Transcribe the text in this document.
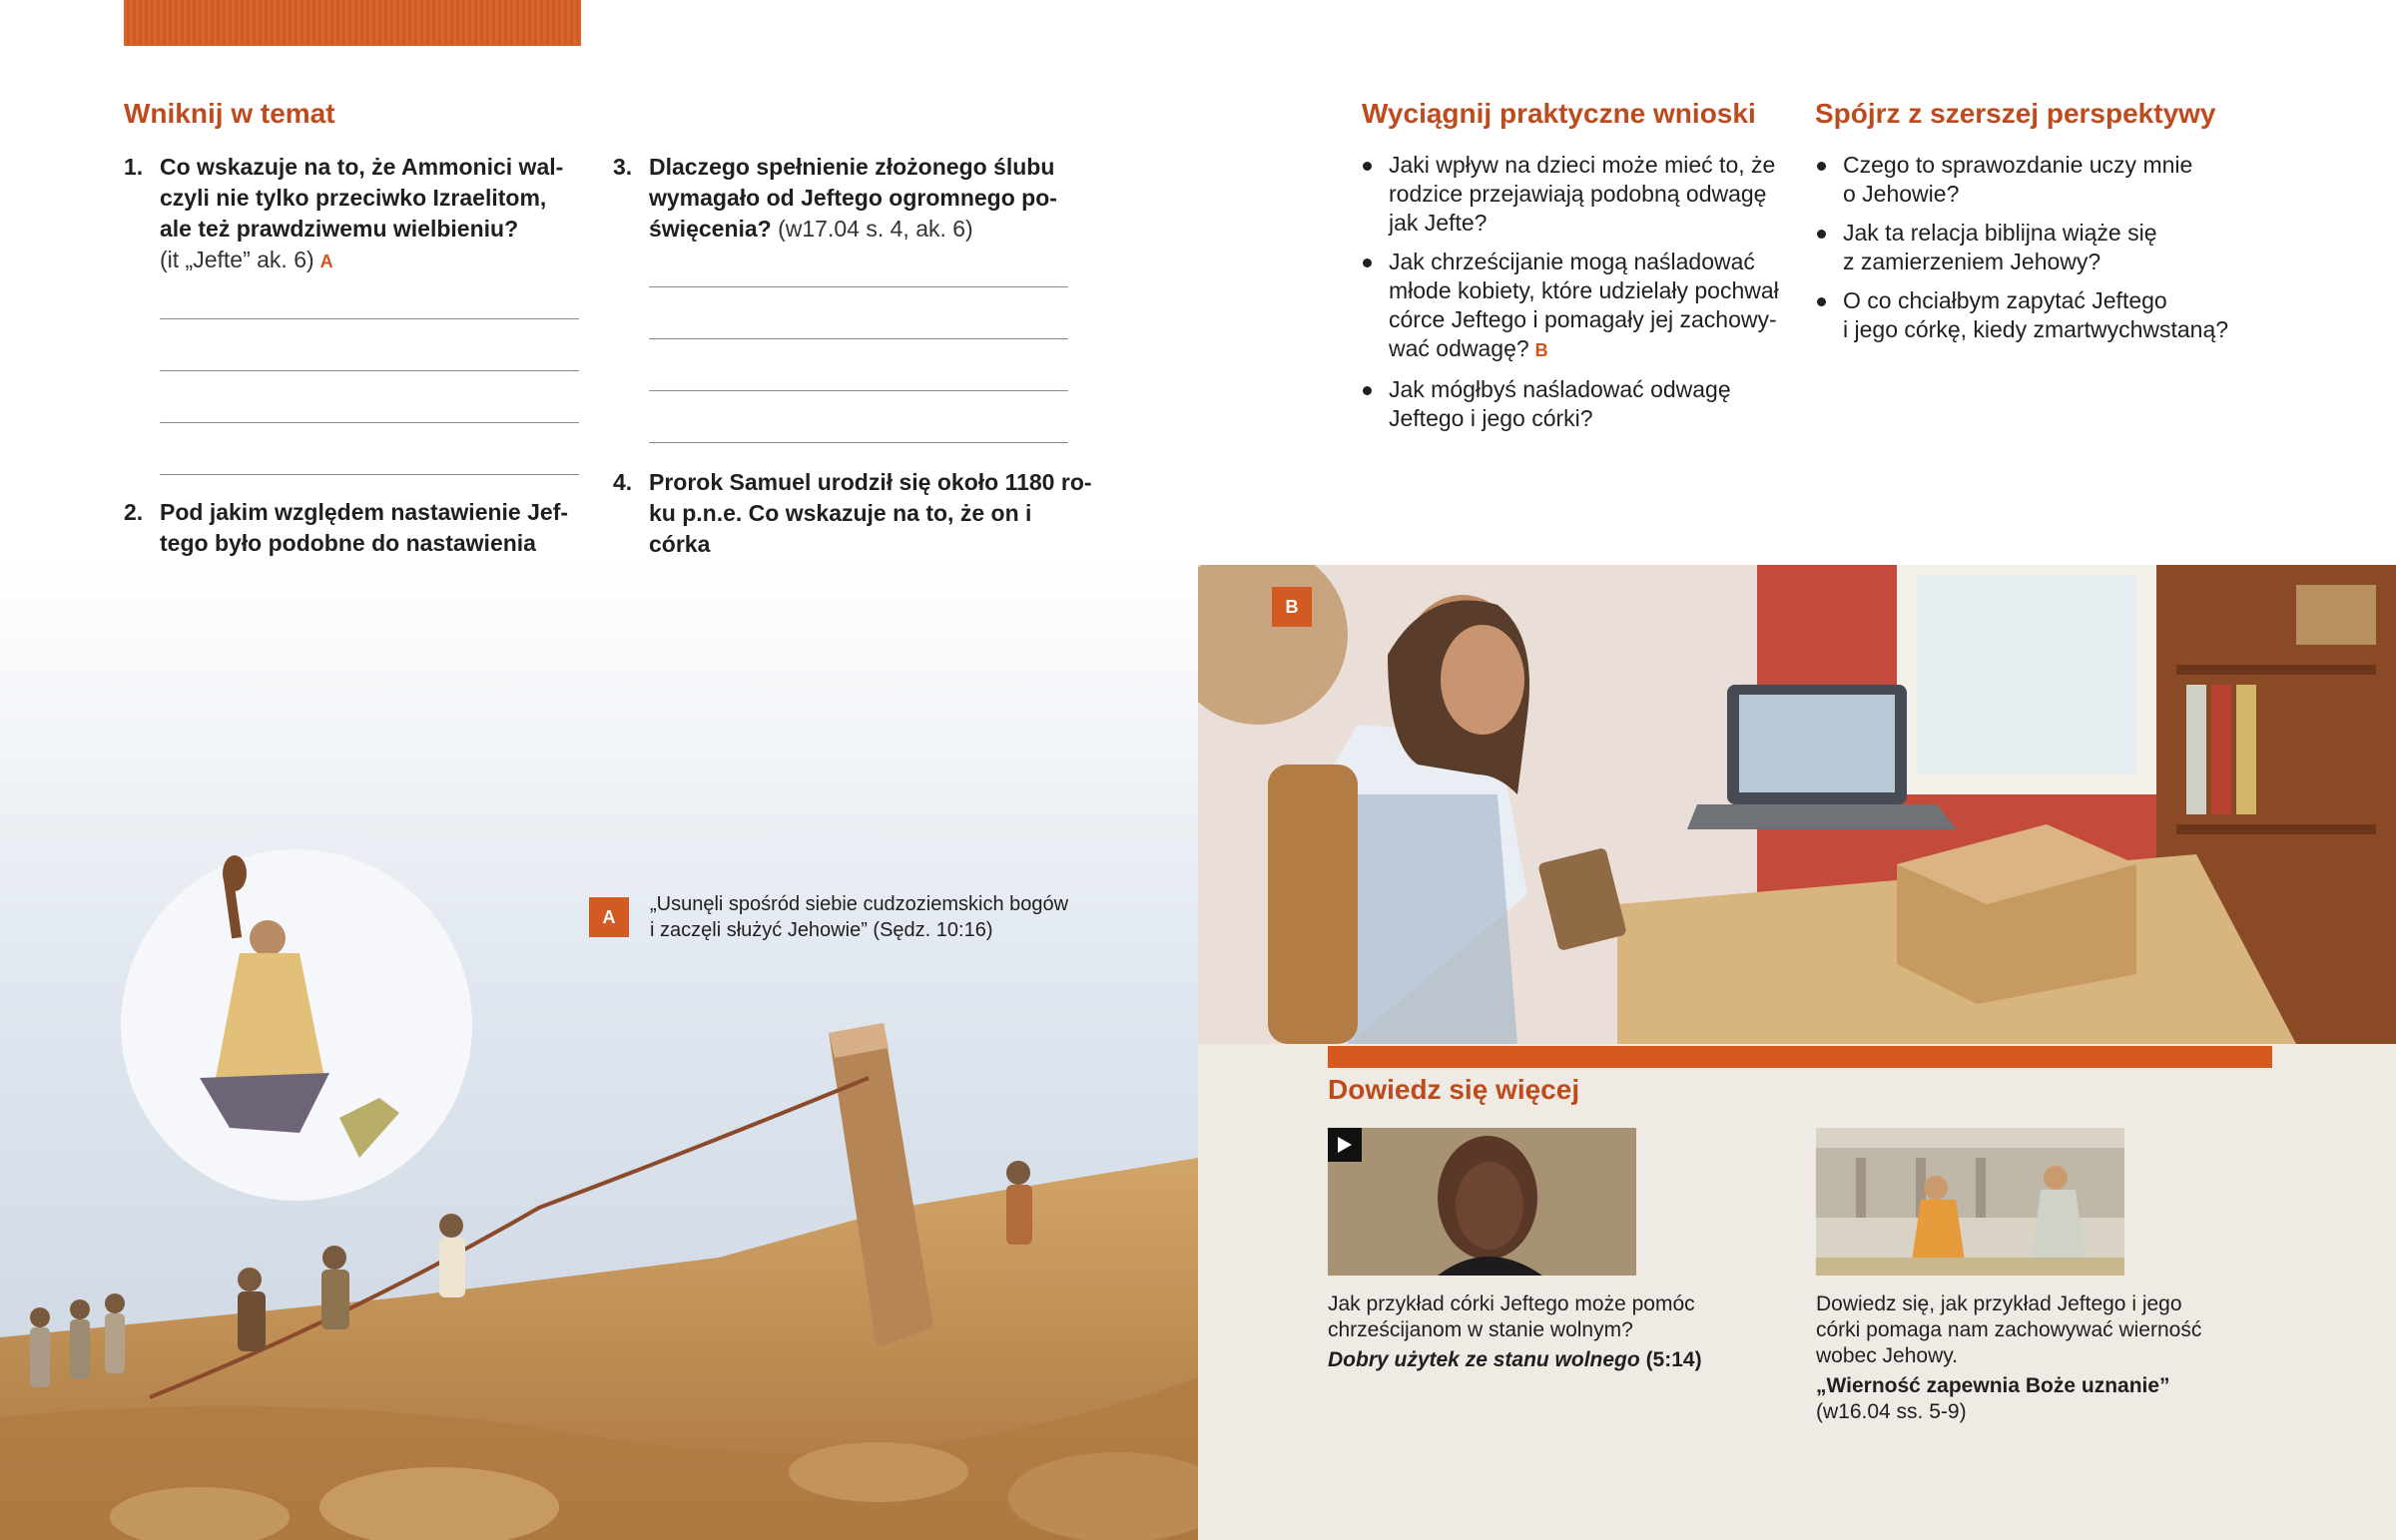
Wniknij w temat
1. Co wskazuje na to, że Ammonici wal-
czyli nie tylko przeciwko Izraelitom,
ale też prawdziwemu wielbieniu?
(it „Jefte” ak. 6) A
2. Pod jakim względem nastawienie Jef-
tego było podobne do nastawienia
3. Dlaczego spełnienie złożonego ślubu
wymagało od Jeftego ogromnego po-
święcenia? (w17.04 s. 4, ak. 6)
4. Prorok Samuel urodził się około 1180 ro-
ku p.n.e. Co wskazuje na to, że on i córka
A
„Usunęli spośród siebie cudzoziemskich bogów
i zaczęli służyć Jehowie” (Sędz. 10:16)
Wyciągnij praktyczne wnioski
Jaki wpływ na dzieci może mieć to, że
rodzice przejawiają podobną odwagę
jak Jefte?
Jak chrześcijanie mogą naśladować
młode kobiety, które udzielały pochwał
córce Jeftego i pomagały jej zachowy-
wać odwagę? B
Jak mógłbyś naśladować odwagę
Jeftego i jego córki?
Spójrz z szerszej perspektywy
Czego to sprawozdanie uczy mnie
o Jehowie?
Jak ta relacja biblijna wiąże się
z zamierzeniem Jehowy?
O co chciałbym zapytać Jeftego
i jego córkę, kiedy zmartwychwstaną?
B
Dowiedz się więcej
Jak przykład córki Jeftego może pomóc
chrześcijanom w stanie wolnym?
Dobry użytek ze stanu wolnego (5:14)
Dowiedz się, jak przykład Jeftego i jego
córki pomaga nam zachowywać wierność
wobec Jehowy.
„Wierność zapewnia Boże uznanie”
(w16.04 ss. 5-9)
